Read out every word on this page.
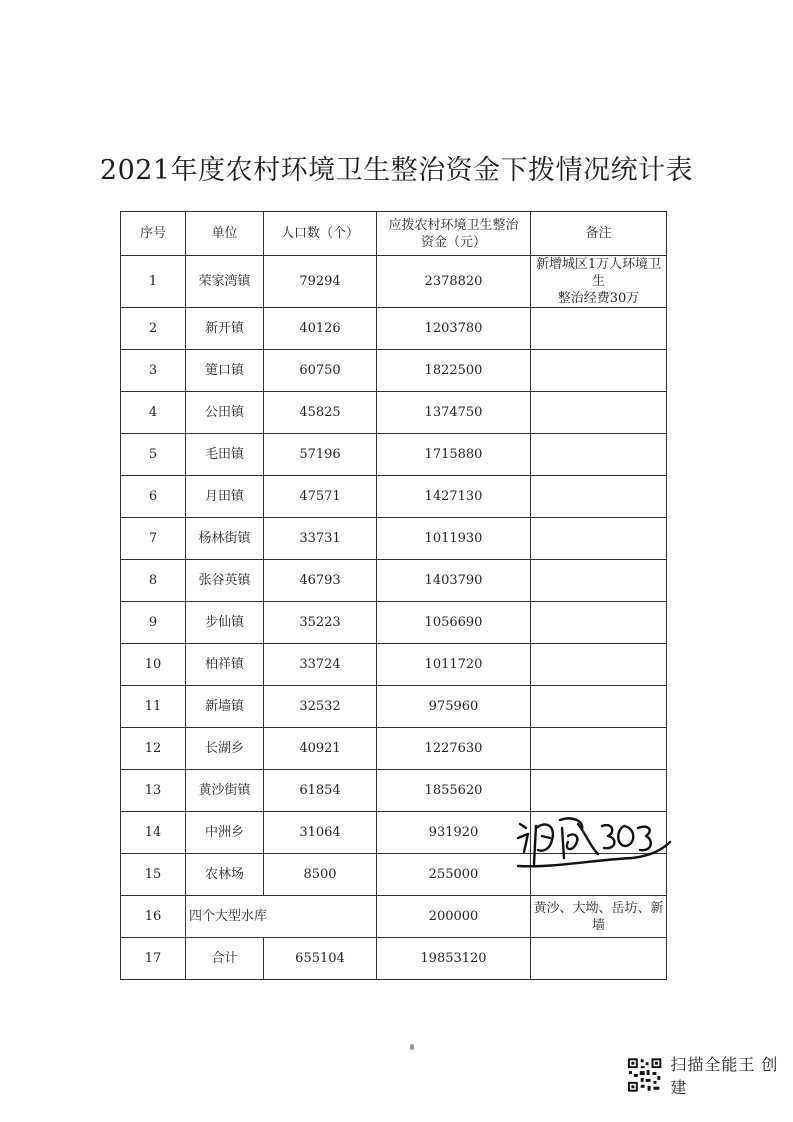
2021年度农村环境卫生整治资金下拨情况统计表
序号	单位	人口数（个）	应拨农村环境卫生整治
资金（元）	备注
1	荣家湾镇	79294	2378820	新增城区1万人环境卫生
整治经费30万

2	新开镇	40126	1203780	
3	筻口镇	60750	1822500	
4	公田镇	45825	1374750	
5	毛田镇	57196	1715880	
6	月田镇	47571	1427130	
7	杨林街镇	33731	1011930	
8	张谷英镇	46793	1403790	
9	步仙镇	35223	1056690	
10	柏祥镇	33724	1011720	
11	新墙镇	32532	975960	
12	长湖乡	40921	1227630	
13	黄沙街镇	61854	1855620	
14	中洲乡	31064	931920	
15	农林场	8500	255000	
16	四个大型水库		200000	黄沙、大坳、岳坊、新墙
17	合计	655104	19853120	
扫描全能王 创建
